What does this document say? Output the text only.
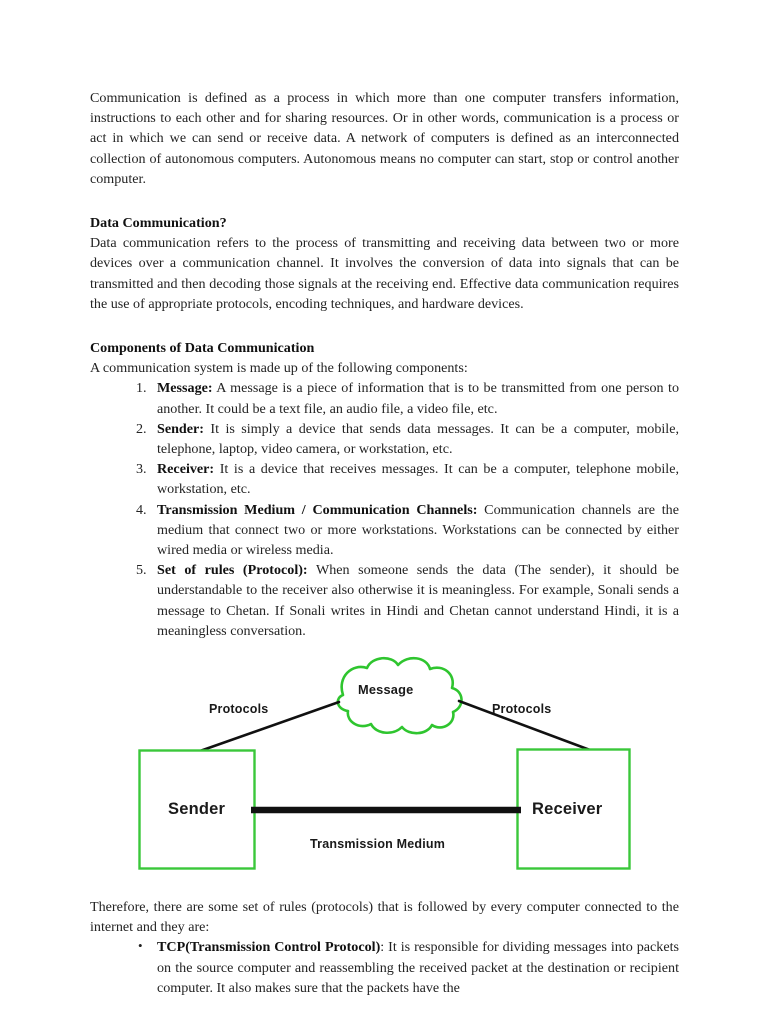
Communication is defined as a process in which more than one computer transfers information, instructions to each other and for sharing resources. Or in other words, communication is a process or act in which we can send or receive data. A network of computers is defined as an interconnected collection of autonomous computers. Autonomous means no computer can start, stop or control another computer.

Data Communication?

Data communication refers to the process of transmitting and receiving data between two or more devices over a communication channel. It involves the conversion of data into signals that can be transmitted and then decoding those signals at the receiving end. Effective data communication requires the use of appropriate protocols, encoding techniques, and hardware devices.

Components of Data Communication

A communication system is made up of the following components:

Message: A message is a piece of information that is to be transmitted from one person to another. It could be a text file, an audio file, a video file, etc.
Sender: It is simply a device that sends data messages. It can be a computer, mobile, telephone, laptop, video camera, or workstation, etc.
Receiver: It is a device that receives messages. It can be a computer, telephone mobile, workstation, etc.
Transmission Medium / Communication Channels: Communication channels are the medium that connect two or more workstations. Workstations can be connected by either wired media or wireless media.
Set of rules (Protocol): When someone sends the data (The sender), it should be understandable to the receiver also otherwise it is meaningless. For example, Sonali sends a message to Chetan. If Sonali writes in Hindi and Chetan cannot understand Hindi, it is a meaningless conversation.
Message
Protocols	Protocols
Sender	Receiver
Transmission Medium

Therefore, there are some set of rules (protocols) that is followed by every computer connected to the internet and they are:

• TCP(Transmission Control Protocol): It is responsible for dividing messages into packets on the source computer and reassembling the received packet at the destination or recipient computer. It also makes sure that the packets have the
